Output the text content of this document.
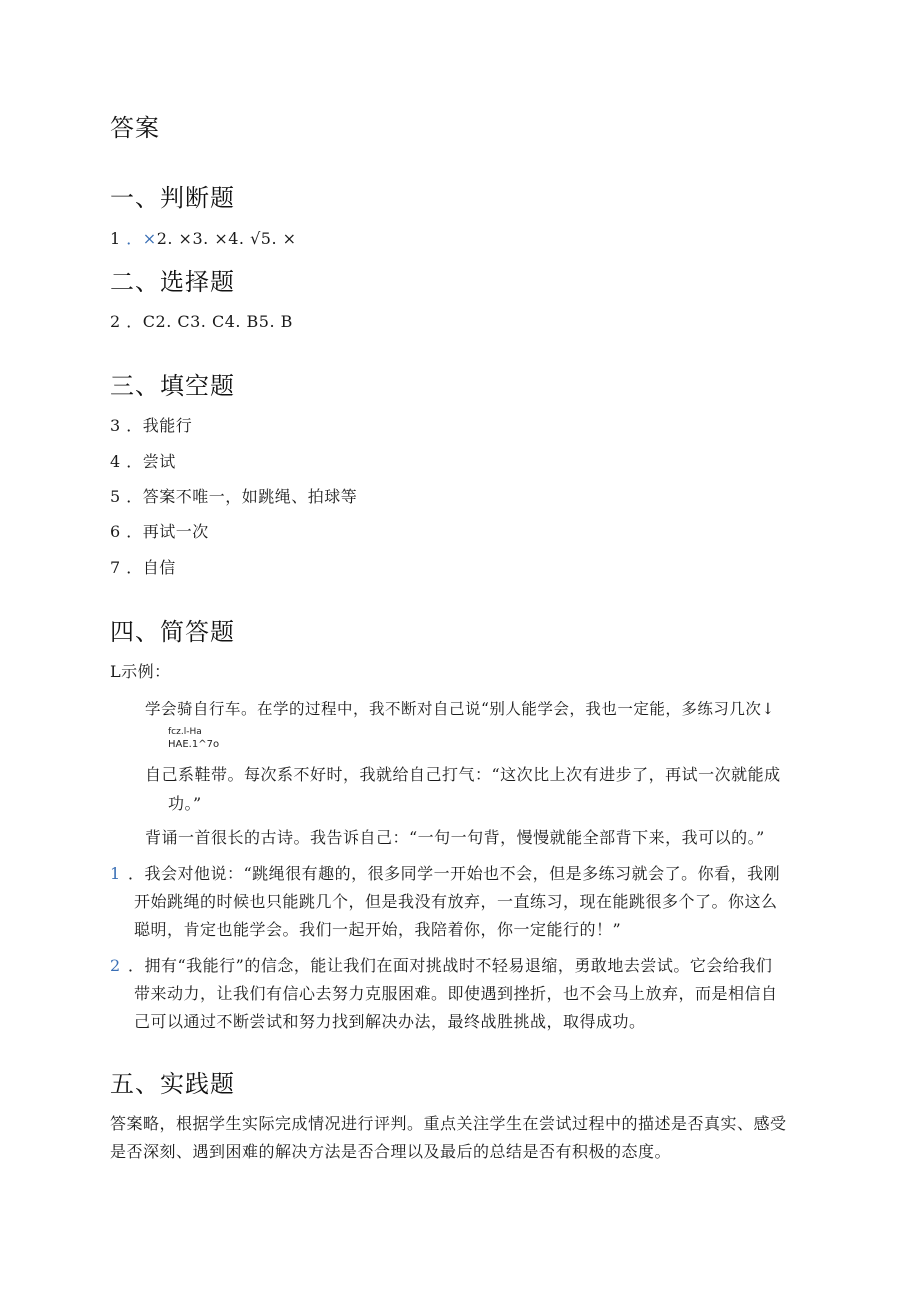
答案
一、判断题
1 ．×2. ×3. ×4. √5. ×
二、选择题
2 ．C2. C3. C4. B5. B
三、填空题
3 ．我能行
4 ．尝试
5 ．答案不唯一，如跳绳、拍球等
6 ．再试一次
7 ．自信
四、简答题
L示例：
学会骑自行车。在学的过程中，我不断对自己说“别人能学会，我也一定能，多练习几次↓
fcz.l-Ha
HAE.1^7o
自己系鞋带。每次系不好时，我就给自己打气：“这次比上次有进步了，再试一次就能成
功。”
背诵一首很长的古诗。我告诉自己：“一句一句背，慢慢就能全部背下来，我可以的。”
1 ．我会对他说：“跳绳很有趣的，很多同学一开始也不会，但是多练习就会了。你看，我刚
开始跳绳的时候也只能跳几个，但是我没有放弃，一直练习，现在能跳很多个了。你这么
聪明，肯定也能学会。我们一起开始，我陪着你，你一定能行的！”
2 ．拥有“我能行”的信念，能让我们在面对挑战时不轻易退缩，勇敢地去尝试。它会给我们
带来动力，让我们有信心去努力克服困难。即使遇到挫折，也不会马上放弃，而是相信自
己可以通过不断尝试和努力找到解决办法，最终战胜挑战，取得成功。
五、实践题
答案略，根据学生实际完成情况进行评判。重点关注学生在尝试过程中的描述是否真实、感受
是否深刻、遇到困难的解决方法是否合理以及最后的总结是否有积极的态度。
